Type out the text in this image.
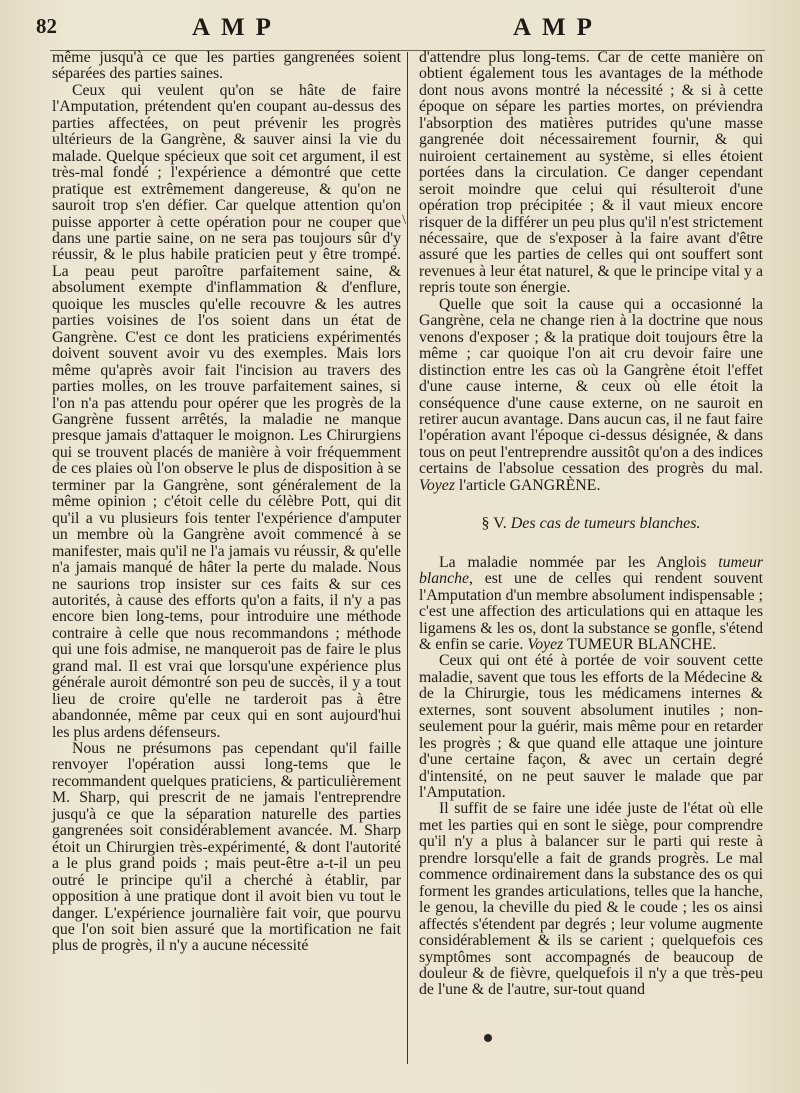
82	AMP	AMP
\

même jusqu'à ce que les parties gangrenées soient séparées des parties saines.

Ceux qui veulent qu'on se hâte de faire l'Amputation, prétendent qu'en coupant au-dessus des parties affectées, on peut prévenir les progrès ultérieurs de la Gangrène, & sauver ainsi la vie du malade. Quelque spécieux que soit cet argument, il est très-mal fondé ; l'expérience a démontré que cette pratique est extrêmement dangereuse, & qu'on ne sauroit trop s'en défier. Car quelque attention qu'on puisse apporter à cette opération pour ne couper que dans une partie saine, on ne sera pas toujours sûr d'y réussir, & le plus habile praticien peut y être trompé. La peau peut paroître parfaitement saine, & absolument exempte d'inflammation & d'enflure, quoique les muscles qu'elle recouvre & les autres parties voisines de l'os soient dans un état de Gangrène. C'est ce dont les praticiens expérimentés doivent souvent avoir vu des exemples. Mais lors même qu'après avoir fait l'incision au travers des parties molles, on les trouve parfaitement saines, si l'on n'a pas attendu pour opérer que les progrès de la Gangrène fussent arrêtés, la maladie ne manque presque jamais d'attaquer le moignon. Les Chirurgiens qui se trouvent placés de manière à voir fréquemment de ces plaies où l'on observe le plus de disposition à se terminer par la Gangrène, sont généralement de la même opinion ; c'étoit celle du célèbre Pott, qui dit qu'il a vu plusieurs fois tenter l'expérience d'amputer un membre où la Gangrène avoit commencé à se manifester, mais qu'il ne l'a jamais vu réussir, & qu'elle n'a jamais manqué de hâter la perte du malade. Nous ne saurions trop insister sur ces faits & sur ces autorités, à cause des efforts qu'on a faits, il n'y a pas encore bien long-tems, pour introduire une méthode contraire à celle que nous recommandons ; méthode qui une fois admise, ne manqueroit pas de faire le plus grand mal. Il est vrai que lorsqu'une expérience plus générale auroit démontré son peu de succès, il y a tout lieu de croire qu'elle ne tarderoit pas à être abandonnée, même par ceux qui en sont aujourd'hui les plus ardens défenseurs.

Nous ne présumons pas cependant qu'il faille renvoyer l'opération aussi long-tems que le recommandent quelques praticiens, & particulièrement M. Sharp, qui prescrit de ne jamais l'entreprendre jusqu'à ce que la séparation naturelle des parties gangrenées soit considérablement avancée. M. Sharp étoit un Chirurgien très-expérimenté, & dont l'autorité a le plus grand poids ; mais peut-être a-t-il un peu outré le principe qu'il a cherché à établir, par opposition à une pratique dont il avoit bien vu tout le danger. L'expérience journalière fait voir, que pourvu que l'on soit bien assuré que la mortification ne fait plus de progrès, il n'y a aucune nécessité

d'attendre plus long-tems. Car de cette manière on obtient également tous les avantages de la méthode dont nous avons montré la nécessité ; & si à cette époque on sépare les parties mortes, on préviendra l'absorption des matières putrides qu'une masse gangrenée doit nécessairement fournir, & qui nuiroient certainement au système, si elles étoient portées dans la circulation. Ce danger cependant seroit moindre que celui qui résulteroit d'une opération trop précipitée ; & il vaut mieux encore risquer de la différer un peu plus qu'il n'est strictement nécessaire, que de s'exposer à la faire avant d'être assuré que les parties de celles qui ont souffert sont revenues à leur état naturel, & que le principe vital y a repris toute son énergie.

Quelle que soit la cause qui a occasionné la Gangrène, cela ne change rien à la doctrine que nous venons d'exposer ; & la pratique doit toujours être la même ; car quoique l'on ait cru devoir faire une distinction entre les cas où la Gangrène étoit l'effet d'une cause interne, & ceux où elle étoit la conséquence d'une cause externe, on ne sauroit en retirer aucun avantage. Dans aucun cas, il ne faut faire l'opération avant l'époque ci-dessus désignée, & dans tous on peut l'entreprendre aussitôt qu'on a des indices certains de l'absolue cessation des progrès du mal. Voyez l'article GANGRÈNE.

§ V. Des cas de tumeurs blanches.

La maladie nommée par les Anglois tumeur blanche, est une de celles qui rendent souvent l'Amputation d'un membre absolument indispensable ; c'est une affection des articulations qui en attaque les ligamens & les os, dont la substance se gonfle, s'étend & enfin se carie. Voyez TUMEUR BLANCHE.

Ceux qui ont été à portée de voir souvent cette maladie, savent que tous les efforts de la Médecine & de la Chirurgie, tous les médicamens internes & externes, sont souvent absolument inutiles ; non-seulement pour la guérir, mais même pour en retarder les progrès ; & que quand elle attaque une jointure d'une certaine façon, & avec un certain degré d'intensité, on ne peut sauver le malade que par l'Amputation.

Il suffit de se faire une idée juste de l'état où elle met les parties qui en sont le siège, pour comprendre qu'il n'y a plus à balancer sur le parti qui reste à prendre lorsqu'elle a fait de grands progrès. Le mal commence ordinairement dans la substance des os qui forment les grandes articulations, telles que la hanche, le genou, la cheville du pied & le coude ; les os ainsi affectés s'étendent par degrés ; leur volume augmente considérablement & ils se carient ; quelquefois ces symptômes sont accompagnés de beaucoup de douleur & de fièvre, quelquefois il n'y a que très-peu de l'une & de l'autre, sur-tout quand
